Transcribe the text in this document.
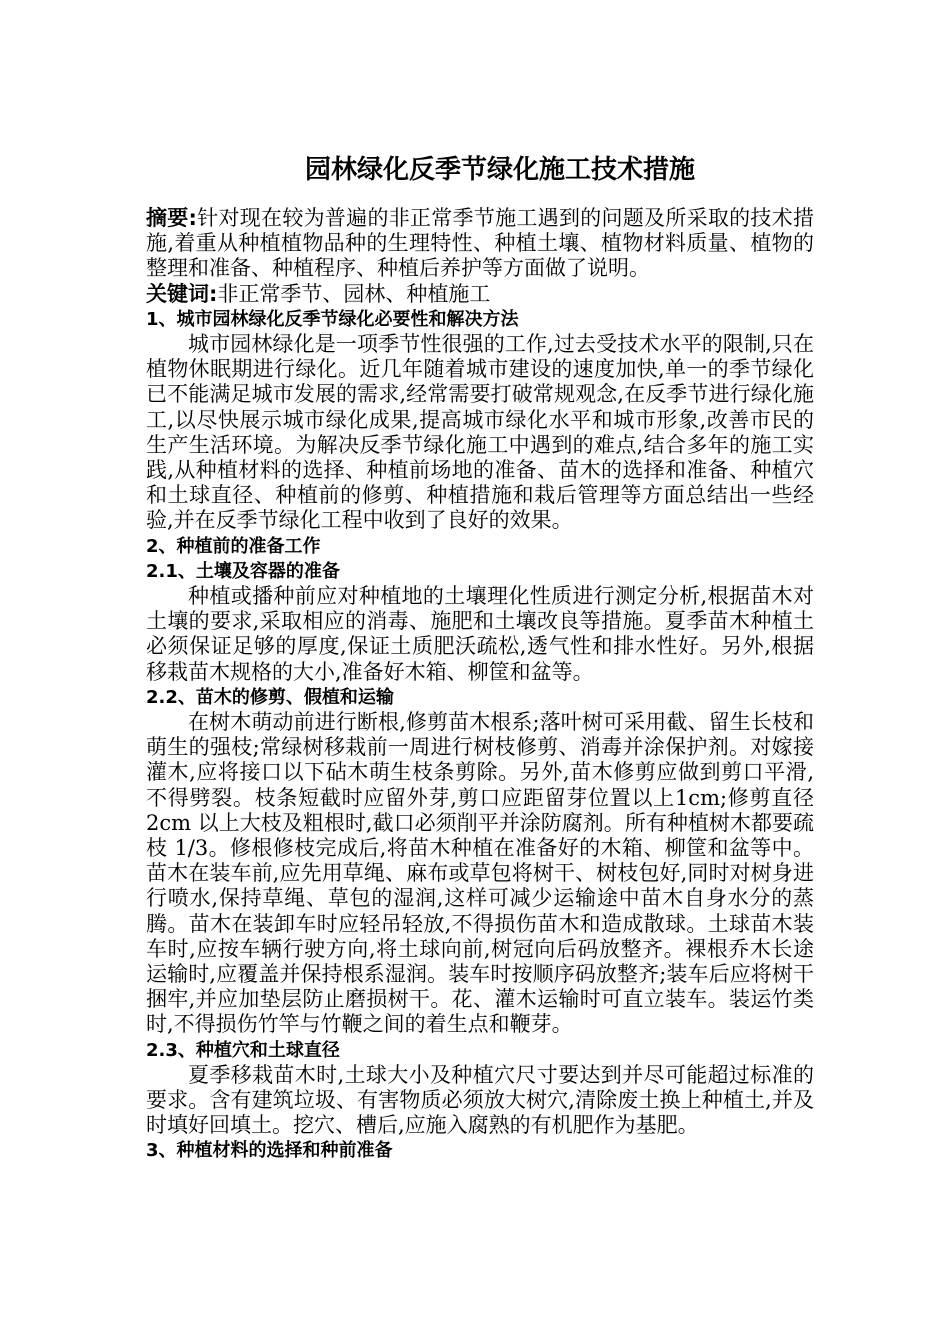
园林绿化反季节绿化施工技术措施

摘要:针对现在较为普遍的非正常季节施工遇到的问题及所采取的技术措施,着重从种植植物品种的生理特性、种植土壤、植物材料质量、植物的整理和准备、种植程序、种植后养护等方面做了说明。

关键词:非正常季节、园林、种植施工

1、城市园林绿化反季节绿化必要性和解决方法

城市园林绿化是一项季节性很强的工作,过去受技术水平的限制,只在植物休眠期进行绿化。近几年随着城市建设的速度加快,单一的季节绿化已不能满足城市发展的需求,经常需要打破常规观念,在反季节进行绿化施工,以尽快展示城市绿化成果,提高城市绿化水平和城市形象,改善市民的生产生活环境。为解决反季节绿化施工中遇到的难点,结合多年的施工实践,从种植材料的选择、种植前场地的准备、苗木的选择和准备、种植穴和土球直径、种植前的修剪、种植措施和栽后管理等方面总结出一些经验,并在反季节绿化工程中收到了良好的效果。

2、种植前的准备工作
2.1、土壤及容器的准备

种植或播种前应对种植地的土壤理化性质进行测定分析,根据苗木对土壤的要求,采取相应的消毒、施肥和土壤改良等措施。夏季苗木种植土必须保证足够的厚度,保证土质肥沃疏松,透气性和排水性好。另外,根据移栽苗木规格的大小,准备好木箱、柳筐和盆等。

2.2、苗木的修剪、假植和运输

在树木萌动前进行断根,修剪苗木根系;落叶树可采用截、留生长枝和萌生的强枝;常绿树移栽前一周进行树枝修剪、消毒并涂保护剂。对嫁接灌木,应将接口以下砧木萌生枝条剪除。另外,苗木修剪应做到剪口平滑,不得劈裂。枝条短截时应留外芽,剪口应距留芽位置以上1cm;修剪直径 2cm 以上大枝及粗根时,截口必须削平并涂防腐剂。所有种植树木都要疏枝 1/3。修根修枝完成后,将苗木种植在准备好的木箱、柳筐和盆等中。苗木在装车前,应先用草绳、麻布或草包将树干、树枝包好,同时对树身进行喷水,保持草绳、草包的湿润,这样可减少运输途中苗木自身水分的蒸腾。苗木在装卸车时应轻吊轻放,不得损伤苗木和造成散球。土球苗木装车时,应按车辆行驶方向,将土球向前,树冠向后码放整齐。裸根乔木长途运输时,应覆盖并保持根系湿润。装车时按顺序码放整齐;装车后应将树干捆牢,并应加垫层防止磨损树干。花、灌木运输时可直立装车。装运竹类时,不得损伤竹竿与竹鞭之间的着生点和鞭芽。

2.3、种植穴和土球直径

夏季移栽苗木时,土球大小及种植穴尺寸要达到并尽可能超过标准的要求。含有建筑垃圾、有害物质必须放大树穴,清除废土换上种植土,并及时填好回填土。挖穴、槽后,应施入腐熟的有机肥作为基肥。

3、种植材料的选择和种前准备
